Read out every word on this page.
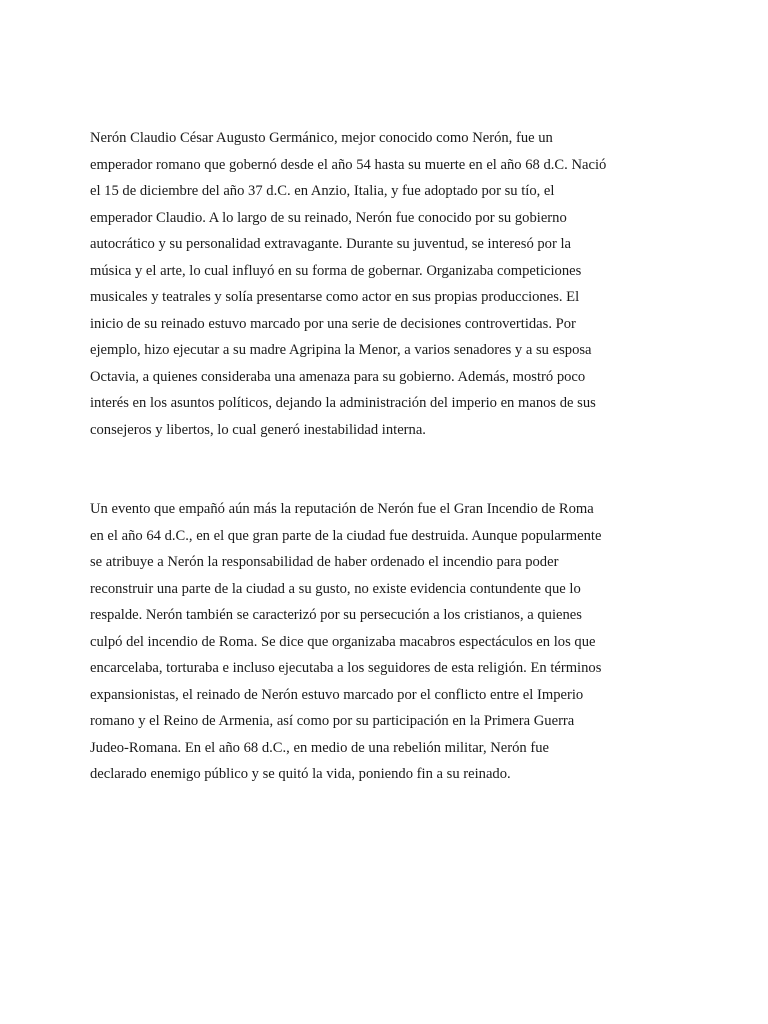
Nerón Claudio César Augusto Germánico, mejor conocido como Nerón, fue un
emperador romano que gobernó desde el año 54 hasta su muerte en el año 68 d.C. Nació
el 15 de diciembre del año 37 d.C. en Anzio, Italia, y fue adoptado por su tío, el
emperador Claudio. A lo largo de su reinado, Nerón fue conocido por su gobierno
autocrático y su personalidad extravagante. Durante su juventud, se interesó por la
música y el arte, lo cual influyó en su forma de gobernar. Organizaba competiciones
musicales y teatrales y solía presentarse como actor en sus propias producciones. El
inicio de su reinado estuvo marcado por una serie de decisiones controvertidas. Por
ejemplo, hizo ejecutar a su madre Agripina la Menor, a varios senadores y a su esposa
Octavia, a quienes consideraba una amenaza para su gobierno. Además, mostró poco
interés en los asuntos políticos, dejando la administración del imperio en manos de sus
consejeros y libertos, lo cual generó inestabilidad interna.

Un evento que empañó aún más la reputación de Nerón fue el Gran Incendio de Roma
en el año 64 d.C., en el que gran parte de la ciudad fue destruida. Aunque popularmente
se atribuye a Nerón la responsabilidad de haber ordenado el incendio para poder
reconstruir una parte de la ciudad a su gusto, no existe evidencia contundente que lo
respalde. Nerón también se caracterizó por su persecución a los cristianos, a quienes
culpó del incendio de Roma. Se dice que organizaba macabros espectáculos en los que
encarcelaba, torturaba e incluso ejecutaba a los seguidores de esta religión. En términos
expansionistas, el reinado de Nerón estuvo marcado por el conflicto entre el Imperio
romano y el Reino de Armenia, así como por su participación en la Primera Guerra
Judeo-Romana. En el año 68 d.C., en medio de una rebelión militar, Nerón fue
declarado enemigo público y se quitó la vida, poniendo fin a su reinado.
